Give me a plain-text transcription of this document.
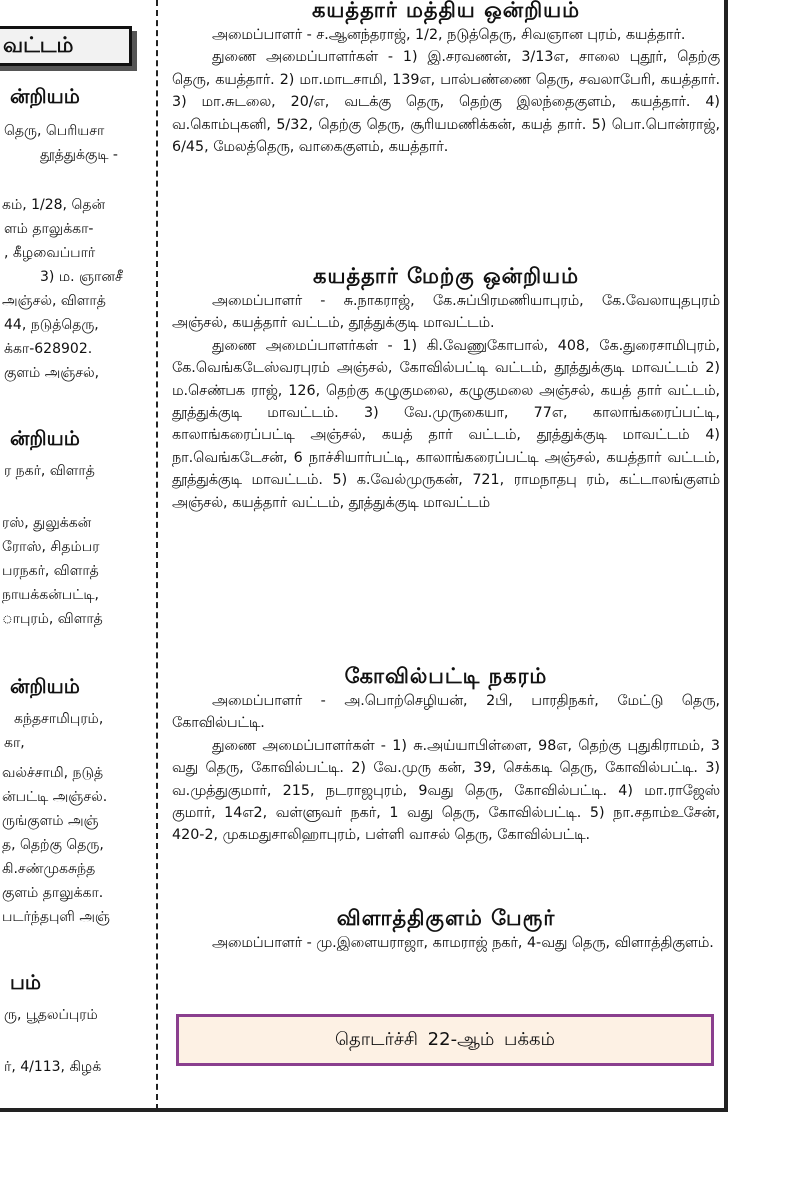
வட்டம்
ன்றியம்
தெரு, பெரியசா
தூத்துக்குடி -
கம், 1/28, தென்
ளம் தாலுக்கா-
, கீழவைப்பார்
3) ம. ஞானசீ
அஞ்சல், விளாத்
44, நடுத்தெரு,
க்கா-628902.
குளம் அஞ்சல்,
ன்றியம்
ர நகர், விளாத்
ரஸ், துலுக்கன்
ரோஸ், சிதம்பர
பரநகர், விளாத்
நாயக்கன்பட்டி,
ாபுரம், விளாத்
ன்றியம்
கந்தசாமிபுரம்,
கா,
வல்ச்சாமி, நடுத்
ன்பட்டி அஞ்சல்.
ருங்குளம் அஞ்
த, தெற்கு தெரு,
கி.சண்முகசுந்த
குளம் தாலுக்கா.
படர்ந்தபுளி அஞ்
பம்
ரு, பூதலப்புரம்
ர், 4/113, கிழக்
கயத்தார் மத்திய ஒன்றியம்

அமைப்பாளர் - ச.ஆனந்தராஜ், 1/2, நடுத்தெரு, சிவஞான புரம், கயத்தார்.

துணை அமைப்பாளர்கள் - 1) இ.சரவணன், 3/13எ, சாலை புதூர், தெற்கு தெரு, கயத்தார். 2) மா.மாடசாமி, 139எ, பால்பண்ணை தெரு, சவலாபேரி, கயத்தார். 3) மா.சுடலை, 20/எ, வடக்கு தெரு, தெற்கு இலந்தைகுளம், கயத்தார். 4) வ.கொம்புகனி, 5/32, தெற்கு தெரு, சூரியமணிக்கன், கயத் தார். 5) பொ.பொன்ராஜ், 6/45, மேலத்தெரு, வாகைகுளம், கயத்தார்.

கயத்தார் மேற்கு ஒன்றியம்

அமைப்பாளர் - சு.நாகராஜ், கே.சுப்பிரமணியாபுரம், கே.வேலாயுதபுரம் அஞ்சல், கயத்தார் வட்டம், தூத்துக்குடி மாவட்டம்.

துணை அமைப்பாளர்கள் - 1) கி.வேணுகோபால், 408, கே.துரைசாமிபுரம், கே.வெங்கடேஸ்வரபுரம் அஞ்சல், கோவில்பட்டி வட்டம், தூத்துக்குடி மாவட்டம் 2) ம.செண்பக ராஜ், 126, தெற்கு கழுகுமலை, கழுகுமலை அஞ்சல், கயத் தார் வட்டம், தூத்துக்குடி மாவட்டம். 3) வே.முருகையா, 77எ, காலாங்கரைப்பட்டி, காலாங்கரைப்பட்டி அஞ்சல், கயத் தார் வட்டம், தூத்துக்குடி மாவட்டம் 4) நா.வெங்கடேசன், 6 நாச்சியார்பட்டி, காலாங்கரைப்பட்டி அஞ்சல், கயத்தார் வட்டம், தூத்துக்குடி மாவட்டம். 5) க.வேல்முருகன், 721, ராமநாதபு ரம், கட்டாலங்குளம் அஞ்சல், கயத்தார் வட்டம், தூத்துக்குடி மாவட்டம்

கோவில்பட்டி நகரம்

அமைப்பாளர் - அ.பொற்செழியன், 2பி, பாரதிநகர், மேட்டு தெரு, கோவில்பட்டி.

துணை அமைப்பாளர்கள் - 1) சு.அய்யாபிள்ளை, 98எ, தெற்கு புதுகிராமம், 3 வது தெரு, கோவில்பட்டி. 2) வே.முரு கன், 39, செக்கடி தெரு, கோவில்பட்டி. 3) வ.முத்துகுமார், 215, நடராஜபுரம், 9வது தெரு, கோவில்பட்டி. 4) மா.ராஜேஸ் குமார், 14எ2, வள்ளுவர் நகர், 1 வது தெரு, கோவில்பட்டி. 5) நா.சதாம்உசேன், 420-2, முகமதுசாலிஹாபுரம், பள்ளி வாசல் தெரு, கோவில்பட்டி.

விளாத்திகுளம் பேரூர்

அமைப்பாளர் - மு.இளையராஜா, காமராஜ் நகர், 4-வது தெரு, விளாத்திகுளம்.

தொடர்ச்சி 22-ஆம் பக்கம்
